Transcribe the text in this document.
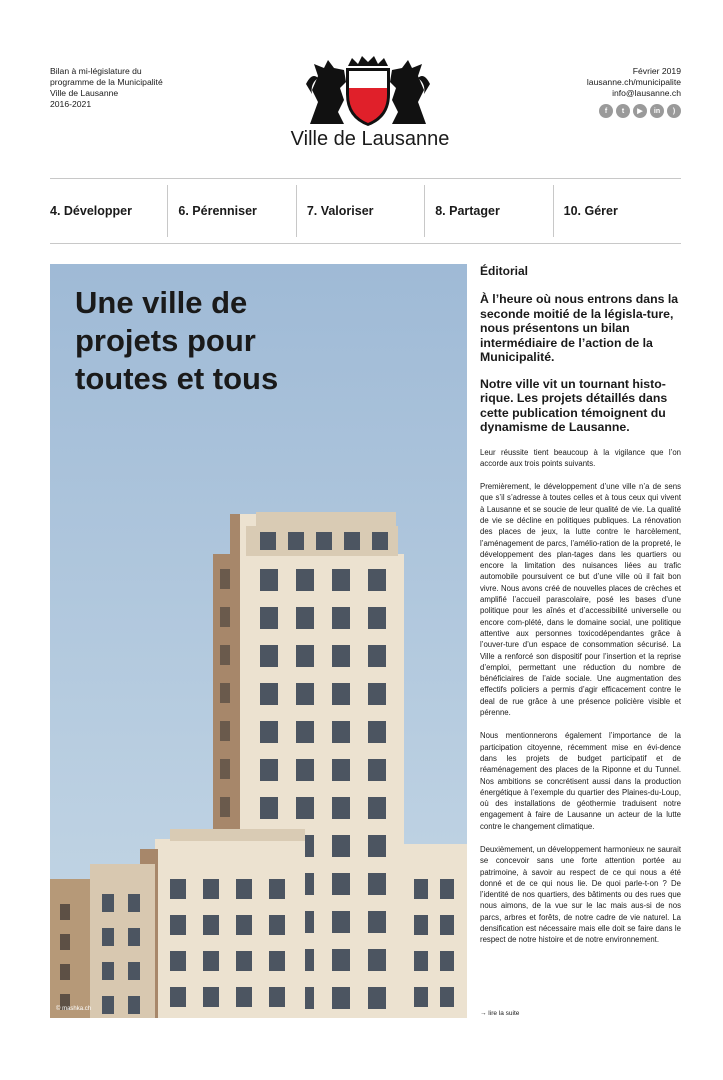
Bilan à mi-législature du
programme de la Municipalité
Ville de Lausanne
2016-2021
Ville de Lausanne
Février 2019
lausanne.ch/municipalite
info@lausanne.ch
f	t	▶	in	)
4. Développer	6. Pérenniser	7. Valoriser	8. Partager	10. Gérer
Une ville de
projets pour
toutes et tous
© mashka.ch
Éditorial

À l’heure où nous entrons dans la seconde moitié de la législa-ture, nous présentons un bilan intermédiaire de l’action de la Municipalité.

Notre ville vit un tournant histo-rique. Les projets détaillés dans cette publication témoignent du dynamisme de Lausanne.

Leur réussite tient beaucoup à la vigilance que l’on accorde aux trois points suivants.

Premièrement, le développement d’une ville n’a de sens que s’il s’adresse à toutes celles et à tous ceux qui vivent à Lausanne et se soucie de leur qualité de vie. La qualité de vie se décline en politiques publiques. La rénovation des places de jeux, la lutte contre le harcèlement, l’aménagement de parcs, l’amélio-ration de la propreté, le développement des plan-tages dans les quartiers ou encore la limitation des nuisances liées au trafic automobile poursuivent ce but d’une ville où il fait bon vivre. Nous avons créé de nouvelles places de crèches et amplifié l’accueil parascolaire, posé les bases d’une politique pour les aînés et d’accessibilité universelle ou encore com-plété, dans le domaine social, une politique attentive aux personnes toxicodépendantes grâce à l’ouver-ture d’un espace de consommation sécurisé. La Ville a renforcé son dispositif pour l’insertion et la reprise d’emploi, permettant une réduction du nombre de bénéficiaires de l’aide sociale. Une augmentation des effectifs policiers a permis d’agir efficacement contre le deal de rue grâce à une présence policière visible et pérenne.

Nous mentionnerons également l’importance de la participation citoyenne, récemment mise en évi-dence dans les projets de budget participatif et de réaménagement des places de la Riponne et du Tunnel. Nos ambitions se concrétisent aussi dans la production énergétique à l’exemple du quartier des Plaines-du-Loup, où des installations de géothermie traduisent notre engagement à faire de Lausanne un acteur de la lutte contre le changement climatique.

Deuxièmement, un développement harmonieux ne saurait se concevoir sans une forte attention portée au patrimoine, à savoir au respect de ce qui nous a été donné et de ce qui nous lie. De quoi parle-t-on ? De l’identité de nos quartiers, des bâtiments ou des rues que nous aimons, de la vue sur le lac mais aus-si de nos parcs, arbres et forêts, de notre cadre de vie naturel. La densification est nécessaire mais elle doit se faire dans le respect de notre histoire et de notre environnement.

→ lire la suite
